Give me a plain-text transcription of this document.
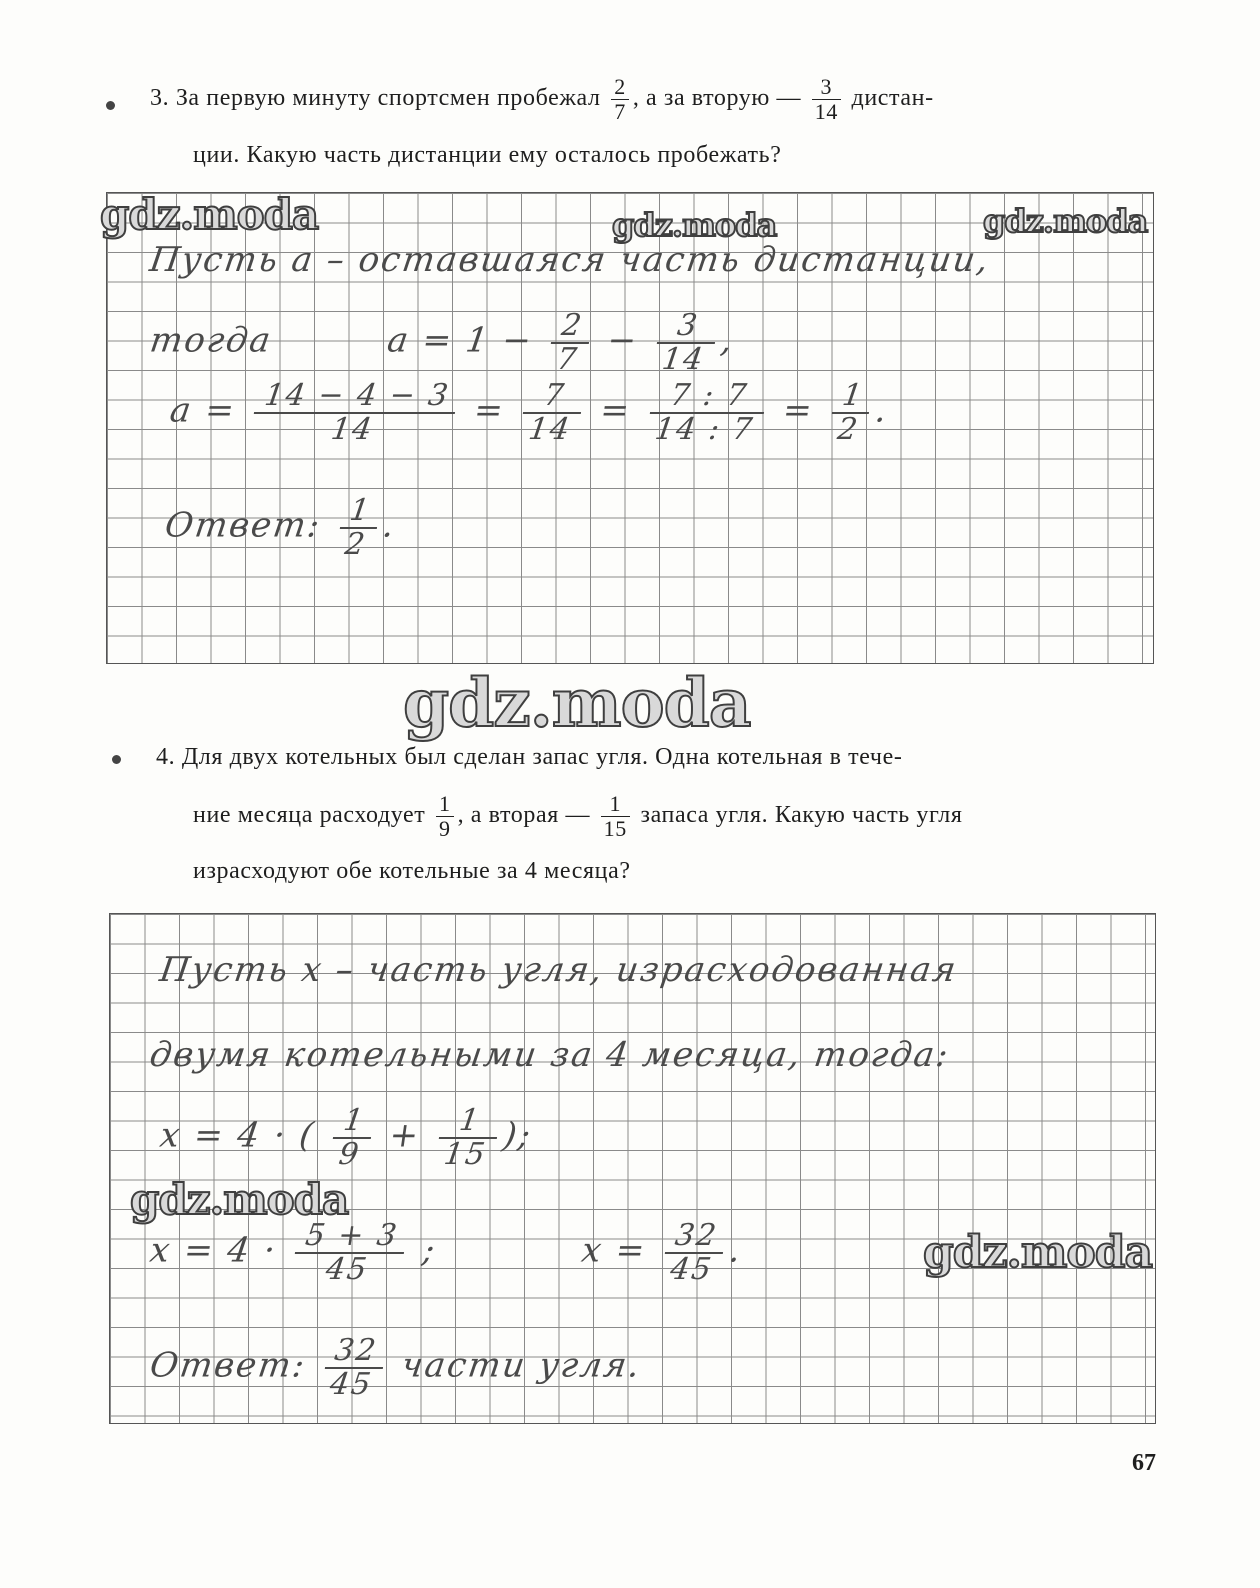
3. За первую минуту спортсмен пробежал $\frac{2}{7}$ , а за вторую — $\frac{3}{14}$ дистан-
ции. Какую часть дистанции ему осталось пробежать?
Пусть a – оставшаяся часть дистанции,
тогда	$a = 1 - \frac{2}{7} - \frac{3}{14}$
,
$a = \frac{14 - 4 - 3}{14} = \frac{7}{14} = \frac{7 : 7}{14 : 7} = \frac{1}{2}$
.
Ответ: $\frac{1}{2}$
.
4. Для двух котельных был сделан запас угля. Одна котельная в тече-
ние месяца расходует $\frac{1}{9}$ , а вторая — $\frac{1}{15}$ запаса угля. Какую часть угля
израсходуют обе котельные за 4 месяца?
Пусть x – часть угля, израсходованная
двумя котельными за 4 месяца, тогда:
x = 4 · ( $\frac{1}{9} + \frac{1}{15}$
);
$x = 4 \cdot \frac{5 + 3}{45}$ ;	$x = \frac{32}{45}$
.
Ответ: $\frac{32}{45}$ части угля.
gdz.moda	gdz.moda	gdz.moda
gdz.moda
gdz.moda
gdz.moda
67
